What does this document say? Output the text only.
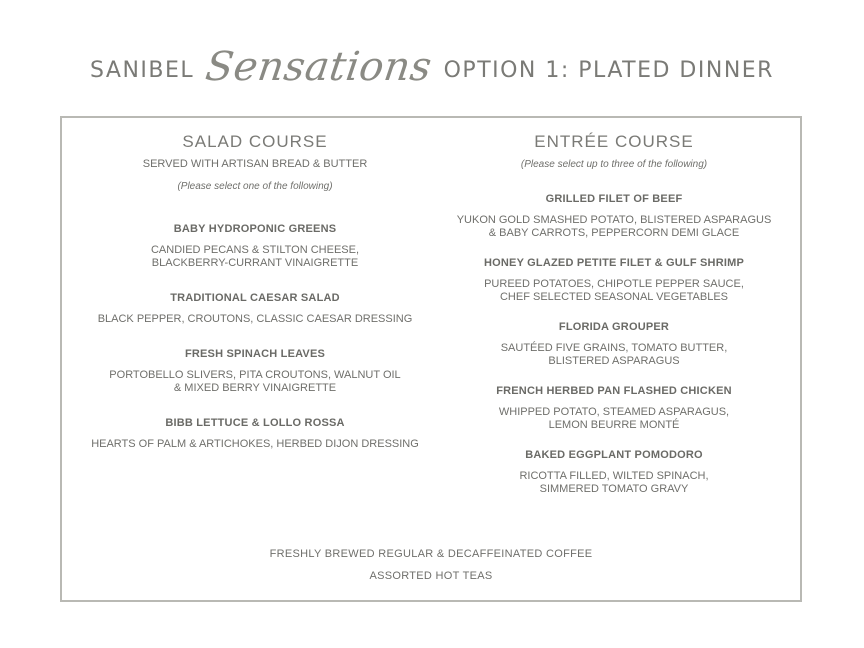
SANIBEL Sensations OPTION 1: PLATED DINNER
SALAD COURSE
SERVED WITH ARTISAN BREAD & BUTTER
(Please select one of the following)
BABY HYDROPONIC GREENS
CANDIED PECANS & STILTON CHEESE,
BLACKBERRY-CURRANT VINAIGRETTE
TRADITIONAL CAESAR SALAD
BLACK PEPPER, CROUTONS, CLASSIC CAESAR DRESSING
FRESH SPINACH LEAVES
PORTOBELLO SLIVERS, PITA CROUTONS, WALNUT OIL
& MIXED BERRY VINAIGRETTE
BIBB LETTUCE & LOLLO ROSSA
HEARTS OF PALM & ARTICHOKES, HERBED DIJON DRESSING
ENTRÉE COURSE
(Please select up to three of the following)
GRILLED FILET OF BEEF
YUKON GOLD SMASHED POTATO, BLISTERED ASPARAGUS
& BABY CARROTS, PEPPERCORN DEMI GLACE
HONEY GLAZED PETITE FILET & GULF SHRIMP
PUREED POTATOES, CHIPOTLE PEPPER SAUCE,
CHEF SELECTED SEASONAL VEGETABLES
FLORIDA GROUPER
SAUTÉED FIVE GRAINS, TOMATO BUTTER,
BLISTERED ASPARAGUS
FRENCH HERBED PAN FLASHED CHICKEN
WHIPPED POTATO, STEAMED ASPARAGUS,
LEMON BEURRE MONTÉ
BAKED EGGPLANT POMODORO
RICOTTA FILLED, WILTED SPINACH,
SIMMERED TOMATO GRAVY
FRESHLY BREWED REGULAR & DECAFFEINATED COFFEE
ASSORTED HOT TEAS
